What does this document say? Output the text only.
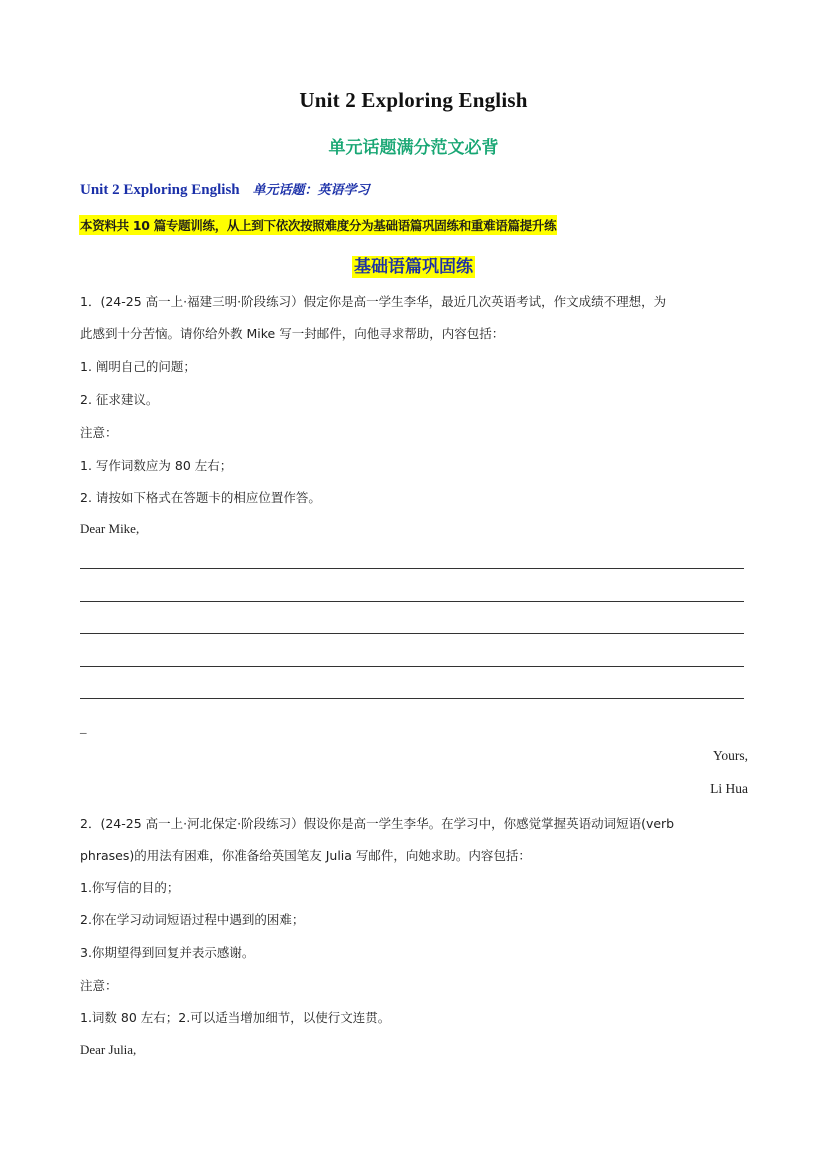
Unit 2 Exploring English
单元话题满分范文必背
Unit 2 Exploring English 单元话题：英语学习
本资料共 10 篇专题训练，从上到下依次按照难度分为基础语篇巩固练和重难语篇提升练
基础语篇巩固练
1．(24-25 高一上·福建三明·阶段练习）假定你是高一学生李华，最近几次英语考试，作文成绩不理想，为
此感到十分苦恼。请你给外教 Mike 写一封邮件，向他寻求帮助，内容包括：
1. 阐明自己的问题；
2. 征求建议。
注意：
1. 写作词数应为 80 左右；
2. 请按如下格式在答题卡的相应位置作答。
Dear Mike,
_
Yours,
Li Hua
2．(24-25 高一上·河北保定·阶段练习）假设你是高一学生李华。在学习中，你感觉掌握英语动词短语(verb
phrases)的用法有困难，你准备给英国笔友 Julia 写邮件，向她求助。内容包括：
1.你写信的目的；
2.你在学习动词短语过程中遇到的困难；
3.你期望得到回复并表示感谢。
注意：
1.词数 80 左右；2.可以适当增加细节，以使行文连贯。
Dear Julia,
